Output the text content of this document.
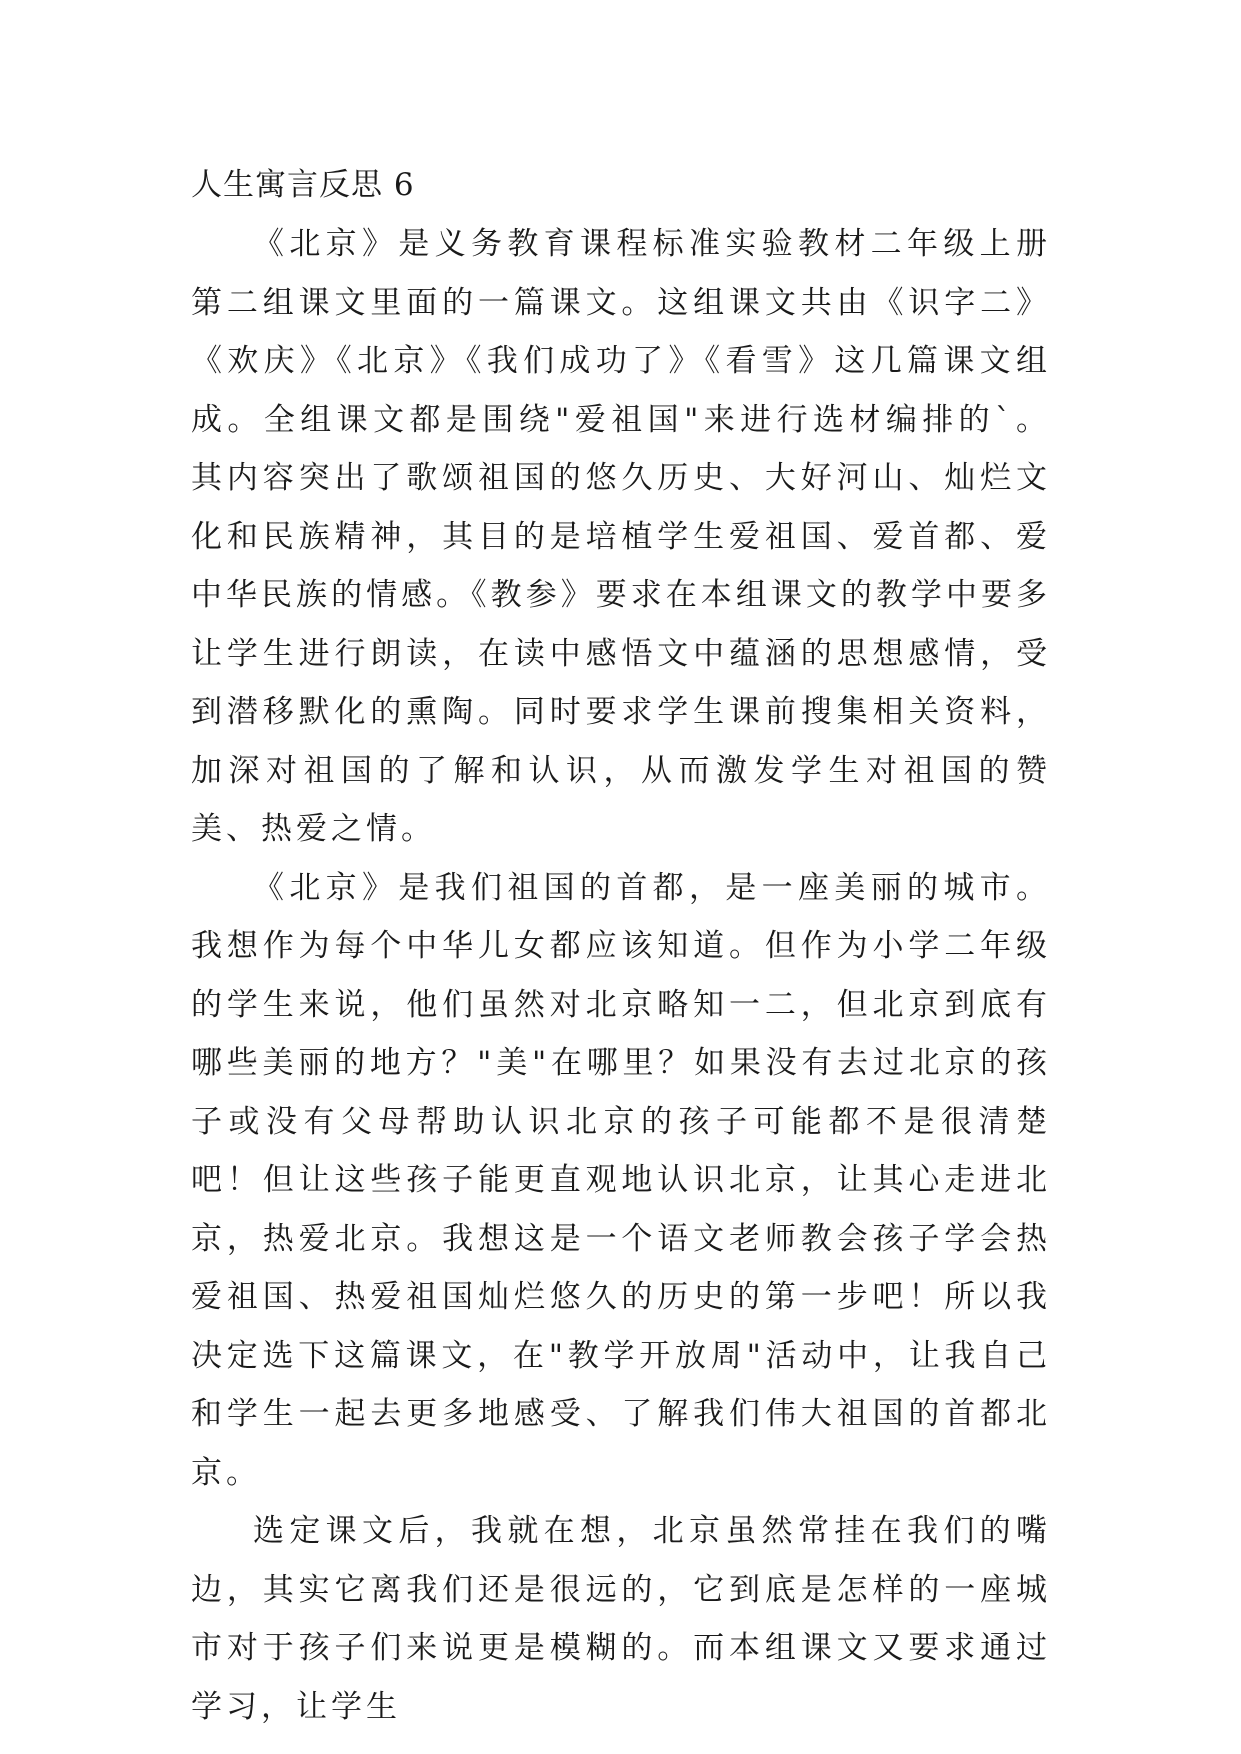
人生寓言反思 6

《北京》是义务教育课程标准实验教材二年级上册第二组课文里面的一篇课文。这组课文共由《识字二》《欢庆》《北京》《我们成功了》《看雪》这几篇课文组成。全组课文都是围绕"爱祖国"来进行选材编排的`。其内容突出了歌颂祖国的悠久历史、大好河山、灿烂文化和民族精神，其目的是培植学生爱祖国、爱首都、爱中华民族的情感。《教参》要求在本组课文的教学中要多让学生进行朗读，在读中感悟文中蕴涵的思想感情，受到潜移默化的熏陶。同时要求学生课前搜集相关资料，加深对祖国的了解和认识，从而激发学生对祖国的赞美、热爱之情。

《北京》是我们祖国的首都，是一座美丽的城市。我想作为每个中华儿女都应该知道。但作为小学二年级的学生来说，他们虽然对北京略知一二，但北京到底有哪些美丽的地方？"美"在哪里？如果没有去过北京的孩子或没有父母帮助认识北京的孩子可能都不是很清楚吧！但让这些孩子能更直观地认识北京，让其心走进北京，热爱北京。我想这是一个语文老师教会孩子学会热爱祖国、热爱祖国灿烂悠久的历史的第一步吧！所以我决定选下这篇课文，在"教学开放周"活动中，让我自己和学生一起去更多地感受、了解我们伟大祖国的首都北京。

选定课文后，我就在想，北京虽然常挂在我们的嘴边，其实它离我们还是很远的，它到底是怎样的一座城市对于孩子们来说更是模糊的。而本组课文又要求通过学习，让学生
